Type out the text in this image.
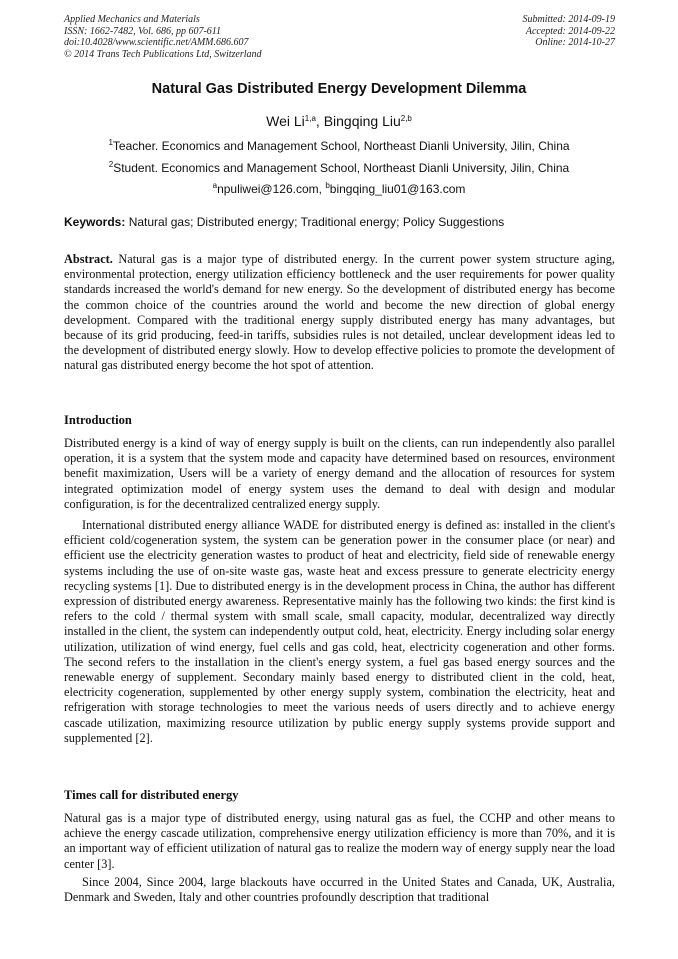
Applied Mechanics and Materials
ISSN: 1662-7482, Vol. 686, pp 607-611
doi:10.4028/www.scientific.net/AMM.686.607
© 2014 Trans Tech Publications Ltd, Switzerland
Submitted: 2014-09-19
Accepted: 2014-09-22
Online: 2014-10-27
Natural Gas Distributed Energy Development Dilemma
Wei Li$^{1,a}$, Bingqing Liu$^{2,b}$
$^1$Teacher. Economics and Management School, Northeast Dianli University, Jilin, China
$^2$Student. Economics and Management School, Northeast Dianli University, Jilin, China
$^a$npuliwei@126.com, $^b$bingqing_liu01@163.com
Keywords: Natural gas; Distributed energy; Traditional energy; Policy Suggestions
Abstract. Natural gas is a major type of distributed energy. In the current power system structure aging, environmental protection, energy utilization efficiency bottleneck and the user requirements for power quality standards increased the world's demand for new energy. So the development of distributed energy has become the common choice of the countries around the world and become the new direction of global energy development. Compared with the traditional energy supply distributed energy has many advantages, but because of its grid producing, feed-in tariffs, subsidies rules is not detailed, unclear development ideas led to the development of distributed energy slowly. How to develop effective policies to promote the development of natural gas distributed energy become the hot spot of attention.
Introduction
Distributed energy is a kind of way of energy supply is built on the clients, can run independently also parallel operation, it is a system that the system mode and capacity have determined based on resources, environment benefit maximization, Users will be a variety of energy demand and the allocation of resources for system integrated optimization model of energy system uses the demand to deal with design and modular configuration, is for the decentralized centralized energy supply.
International distributed energy alliance WADE for distributed energy is defined as: installed in the client's efficient cold/cogeneration system, the system can be generation power in the consumer place (or near) and efficient use the electricity generation wastes to product of heat and electricity, field side of renewable energy systems including the use of on-site waste gas, waste heat and excess pressure to generate electricity energy recycling systems [1]. Due to distributed energy is in the development process in China, the author has different expression of distributed energy awareness. Representative mainly has the following two kinds: the first kind is refers to the cold / thermal system with small scale, small capacity, modular, decentralized way directly installed in the client, the system can independently output cold, heat, electricity. Energy including solar energy utilization, utilization of wind energy, fuel cells and gas cold, heat, electricity cogeneration and other forms. The second refers to the installation in the client's energy system, a fuel gas based energy sources and the renewable energy of supplement. Secondary mainly based energy to distributed client in the cold, heat, electricity cogeneration, supplemented by other energy supply system, combination the electricity, heat and refrigeration with storage technologies to meet the various needs of users directly and to achieve energy cascade utilization, maximizing resource utilization by public energy supply systems provide support and supplemented [2].
Times call for distributed energy
Natural gas is a major type of distributed energy, using natural gas as fuel, the CCHP and other means to achieve the energy cascade utilization, comprehensive energy utilization efficiency is more than 70%, and it is an important way of efficient utilization of natural gas to realize the modern way of energy supply near the load center [3].
Since 2004, Since 2004, large blackouts have occurred in the United States and Canada, UK, Australia, Denmark and Sweden, Italy and other countries profoundly description that traditional
